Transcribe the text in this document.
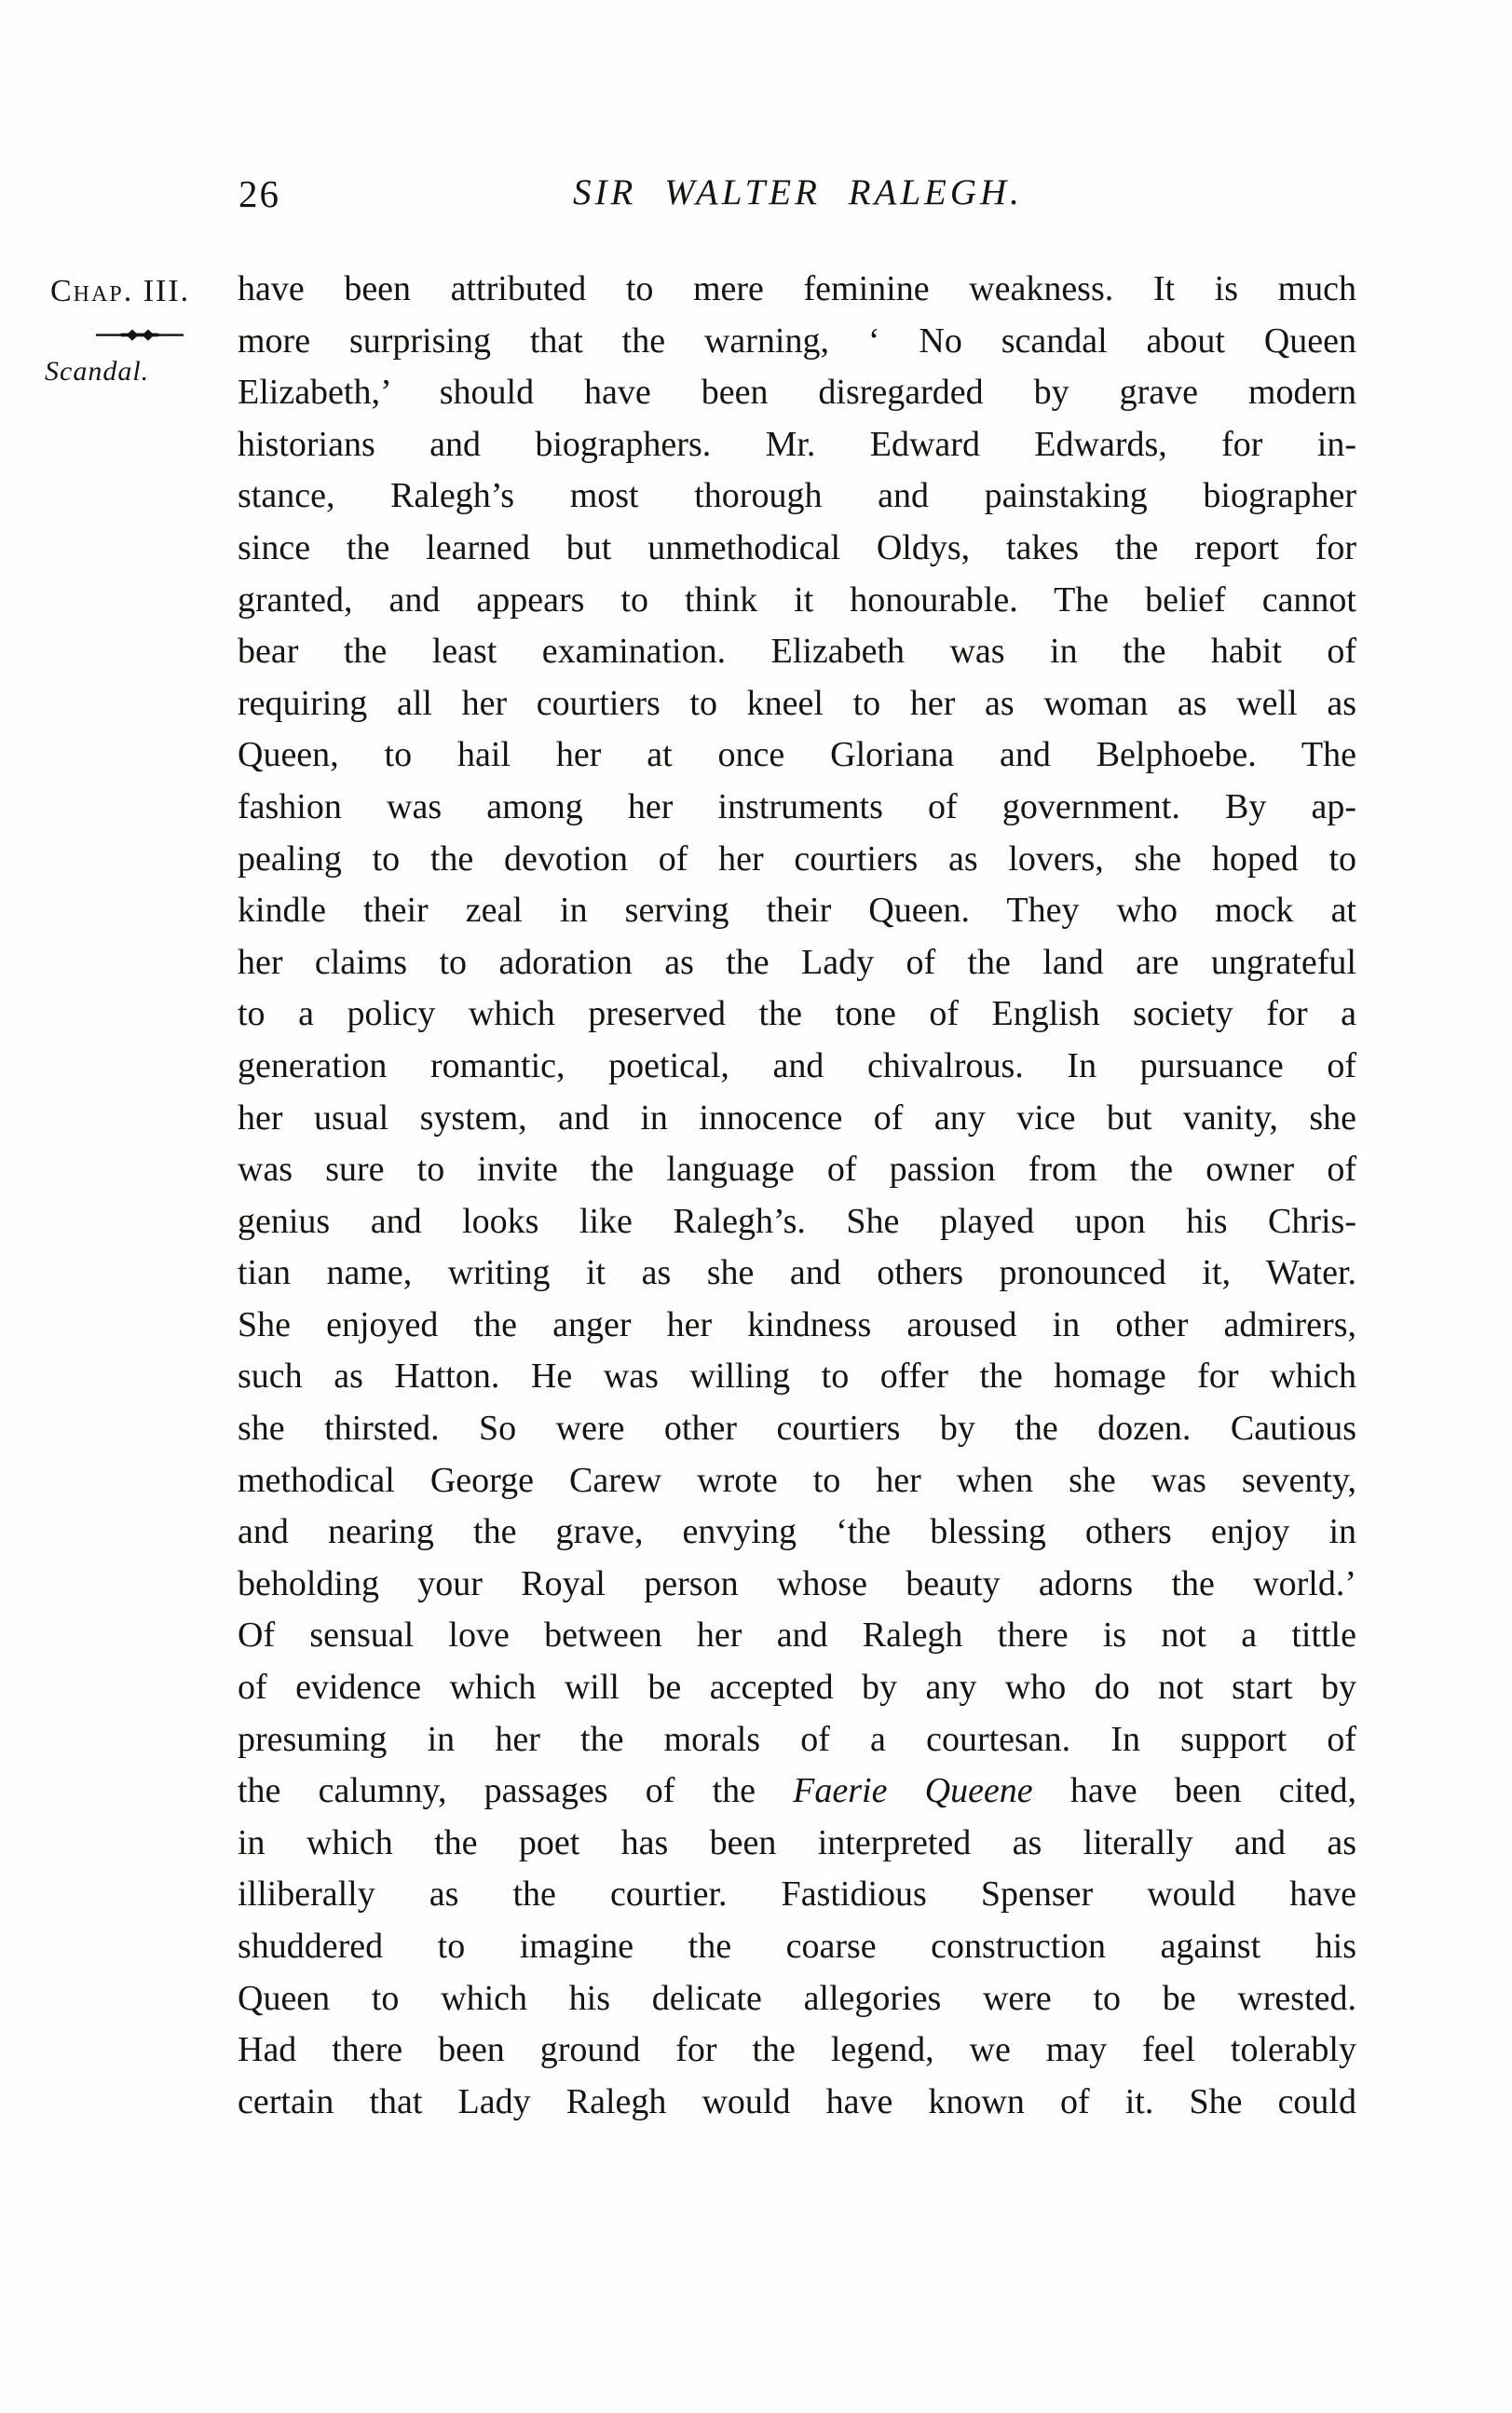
26	SIR WALTER RALEGH.
Chap. III.
Scandal.
have been attributed to mere feminine weakness. It is much
more surprising that the warning, ‘ No scandal about Queen
Elizabeth,’ should have been disregarded by grave modern
historians and biographers. Mr. Edward Edwards, for in-
stance, Ralegh’s most thorough and painstaking biographer
since the learned but unmethodical Oldys, takes the report for
granted, and appears to think it honourable. The belief cannot
bear the least examination. Elizabeth was in the habit of
requiring all her courtiers to kneel to her as woman as well as
Queen, to hail her at once Gloriana and Belphoebe. The
fashion was among her instruments of government. By ap-
pealing to the devotion of her courtiers as lovers, she hoped to
kindle their zeal in serving their Queen. They who mock at
her claims to adoration as the Lady of the land are ungrateful
to a policy which preserved the tone of English society for a
generation romantic, poetical, and chivalrous. In pursuance of
her usual system, and in innocence of any vice but vanity, she
was sure to invite the language of passion from the owner of
genius and looks like Ralegh’s. She played upon his Chris-
tian name, writing it as she and others pronounced it, Water.
She enjoyed the anger her kindness aroused in other admirers,
such as Hatton. He was willing to offer the homage for which
she thirsted. So were other courtiers by the dozen. Cautious
methodical George Carew wrote to her when she was seventy,
and nearing the grave, envying ‘the blessing others enjoy in
beholding your Royal person whose beauty adorns the world.’
Of sensual love between her and Ralegh there is not a tittle
of evidence which will be accepted by any who do not start by
presuming in her the morals of a courtesan. In support of
the calumny, passages of the Faerie Queene have been cited,
in which the poet has been interpreted as literally and as
illiberally as the courtier. Fastidious Spenser would have
shuddered to imagine the coarse construction against his
Queen to which his delicate allegories were to be wrested.
Had there been ground for the legend, we may feel tolerably
certain that Lady Ralegh would have known of it. She could
